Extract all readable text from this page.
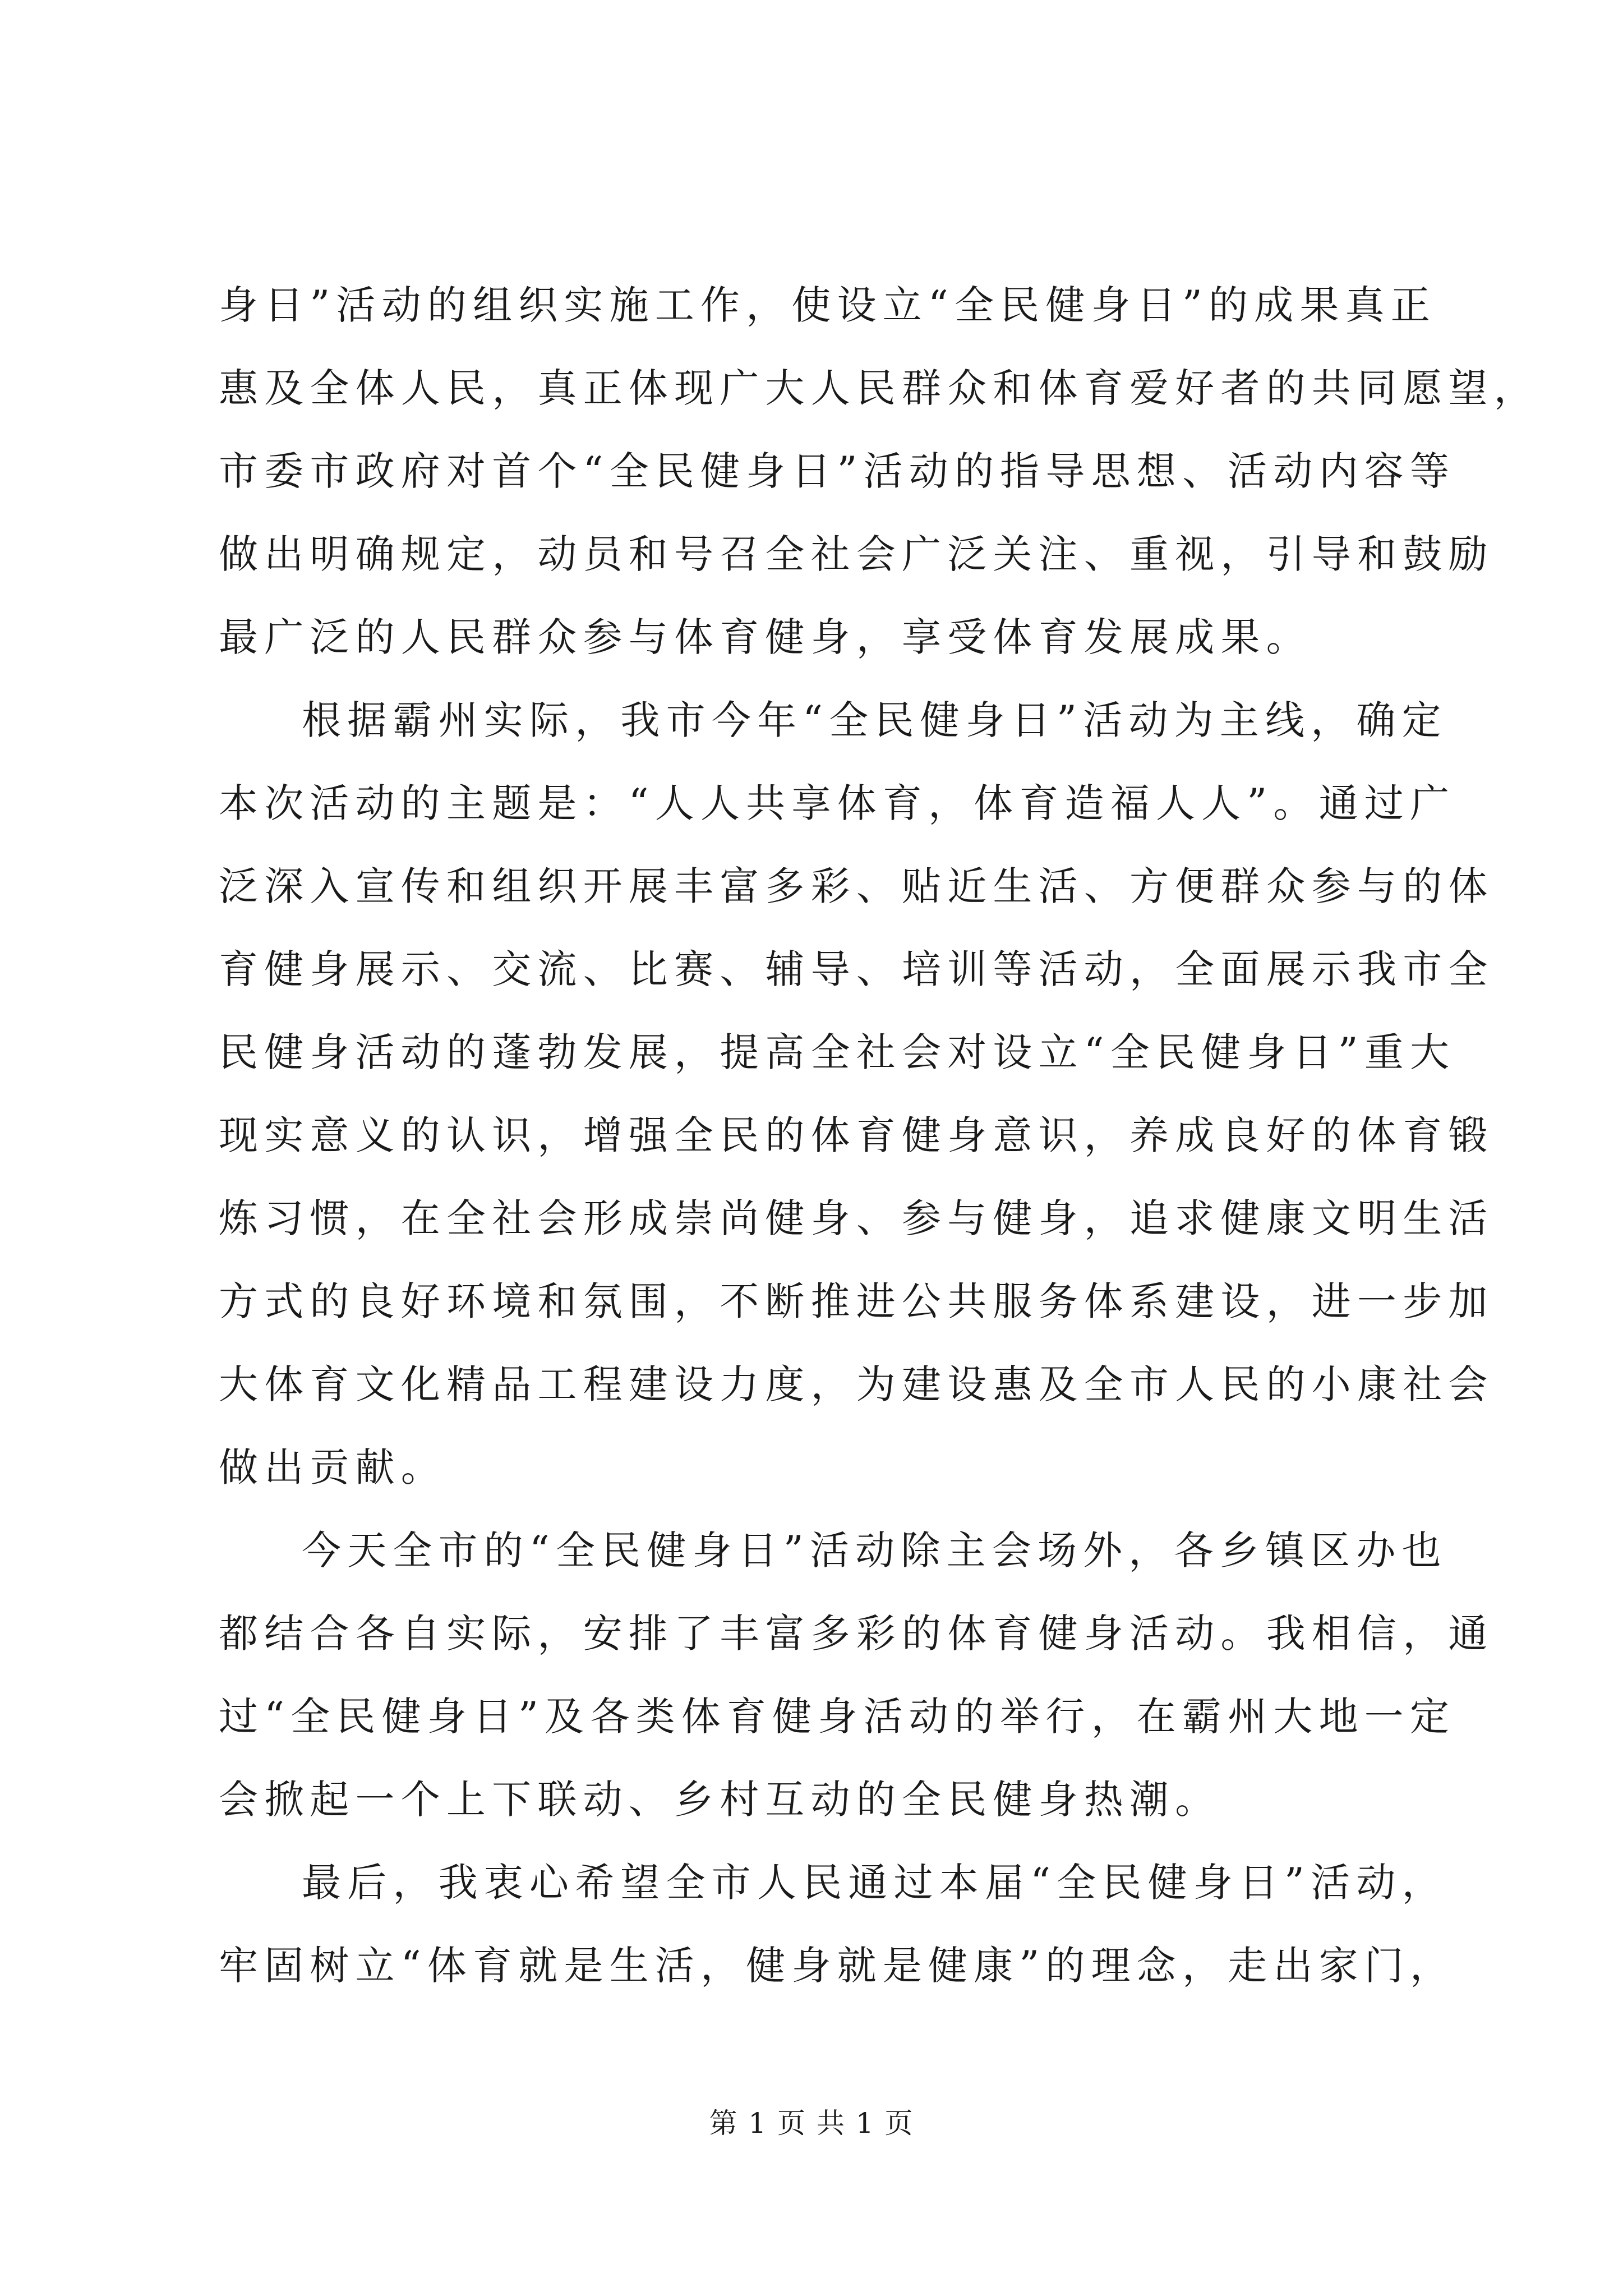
身日”活动的组织实施工作，使设立“全民健身日”的成果真正
惠及全体人民，真正体现广大人民群众和体育爱好者的共同愿望，
市委市政府对首个“全民健身日”活动的指导思想、活动内容等
做出明确规定，动员和号召全社会广泛关注、重视，引导和鼓励
最广泛的人民群众参与体育健身，享受体育发展成果。
根据霸州实际，我市今年“全民健身日”活动为主线，确定
本次活动的主题是：“人人共享体育，体育造福人人”。通过广
泛深入宣传和组织开展丰富多彩、贴近生活、方便群众参与的体
育健身展示、交流、比赛、辅导、培训等活动，全面展示我市全
民健身活动的蓬勃发展，提高全社会对设立“全民健身日”重大
现实意义的认识，增强全民的体育健身意识，养成良好的体育锻
炼习惯，在全社会形成崇尚健身、参与健身，追求健康文明生活
方式的良好环境和氛围，不断推进公共服务体系建设，进一步加
大体育文化精品工程建设力度，为建设惠及全市人民的小康社会
做出贡献。
今天全市的“全民健身日”活动除主会场外，各乡镇区办也
都结合各自实际，安排了丰富多彩的体育健身活动。我相信，通
过“全民健身日”及各类体育健身活动的举行，在霸州大地一定
会掀起一个上下联动、乡村互动的全民健身热潮。
最后，我衷心希望全市人民通过本届“全民健身日”活动，
牢固树立“体育就是生活，健身就是健康”的理念，走出家门，
第 1 页 共 1 页
